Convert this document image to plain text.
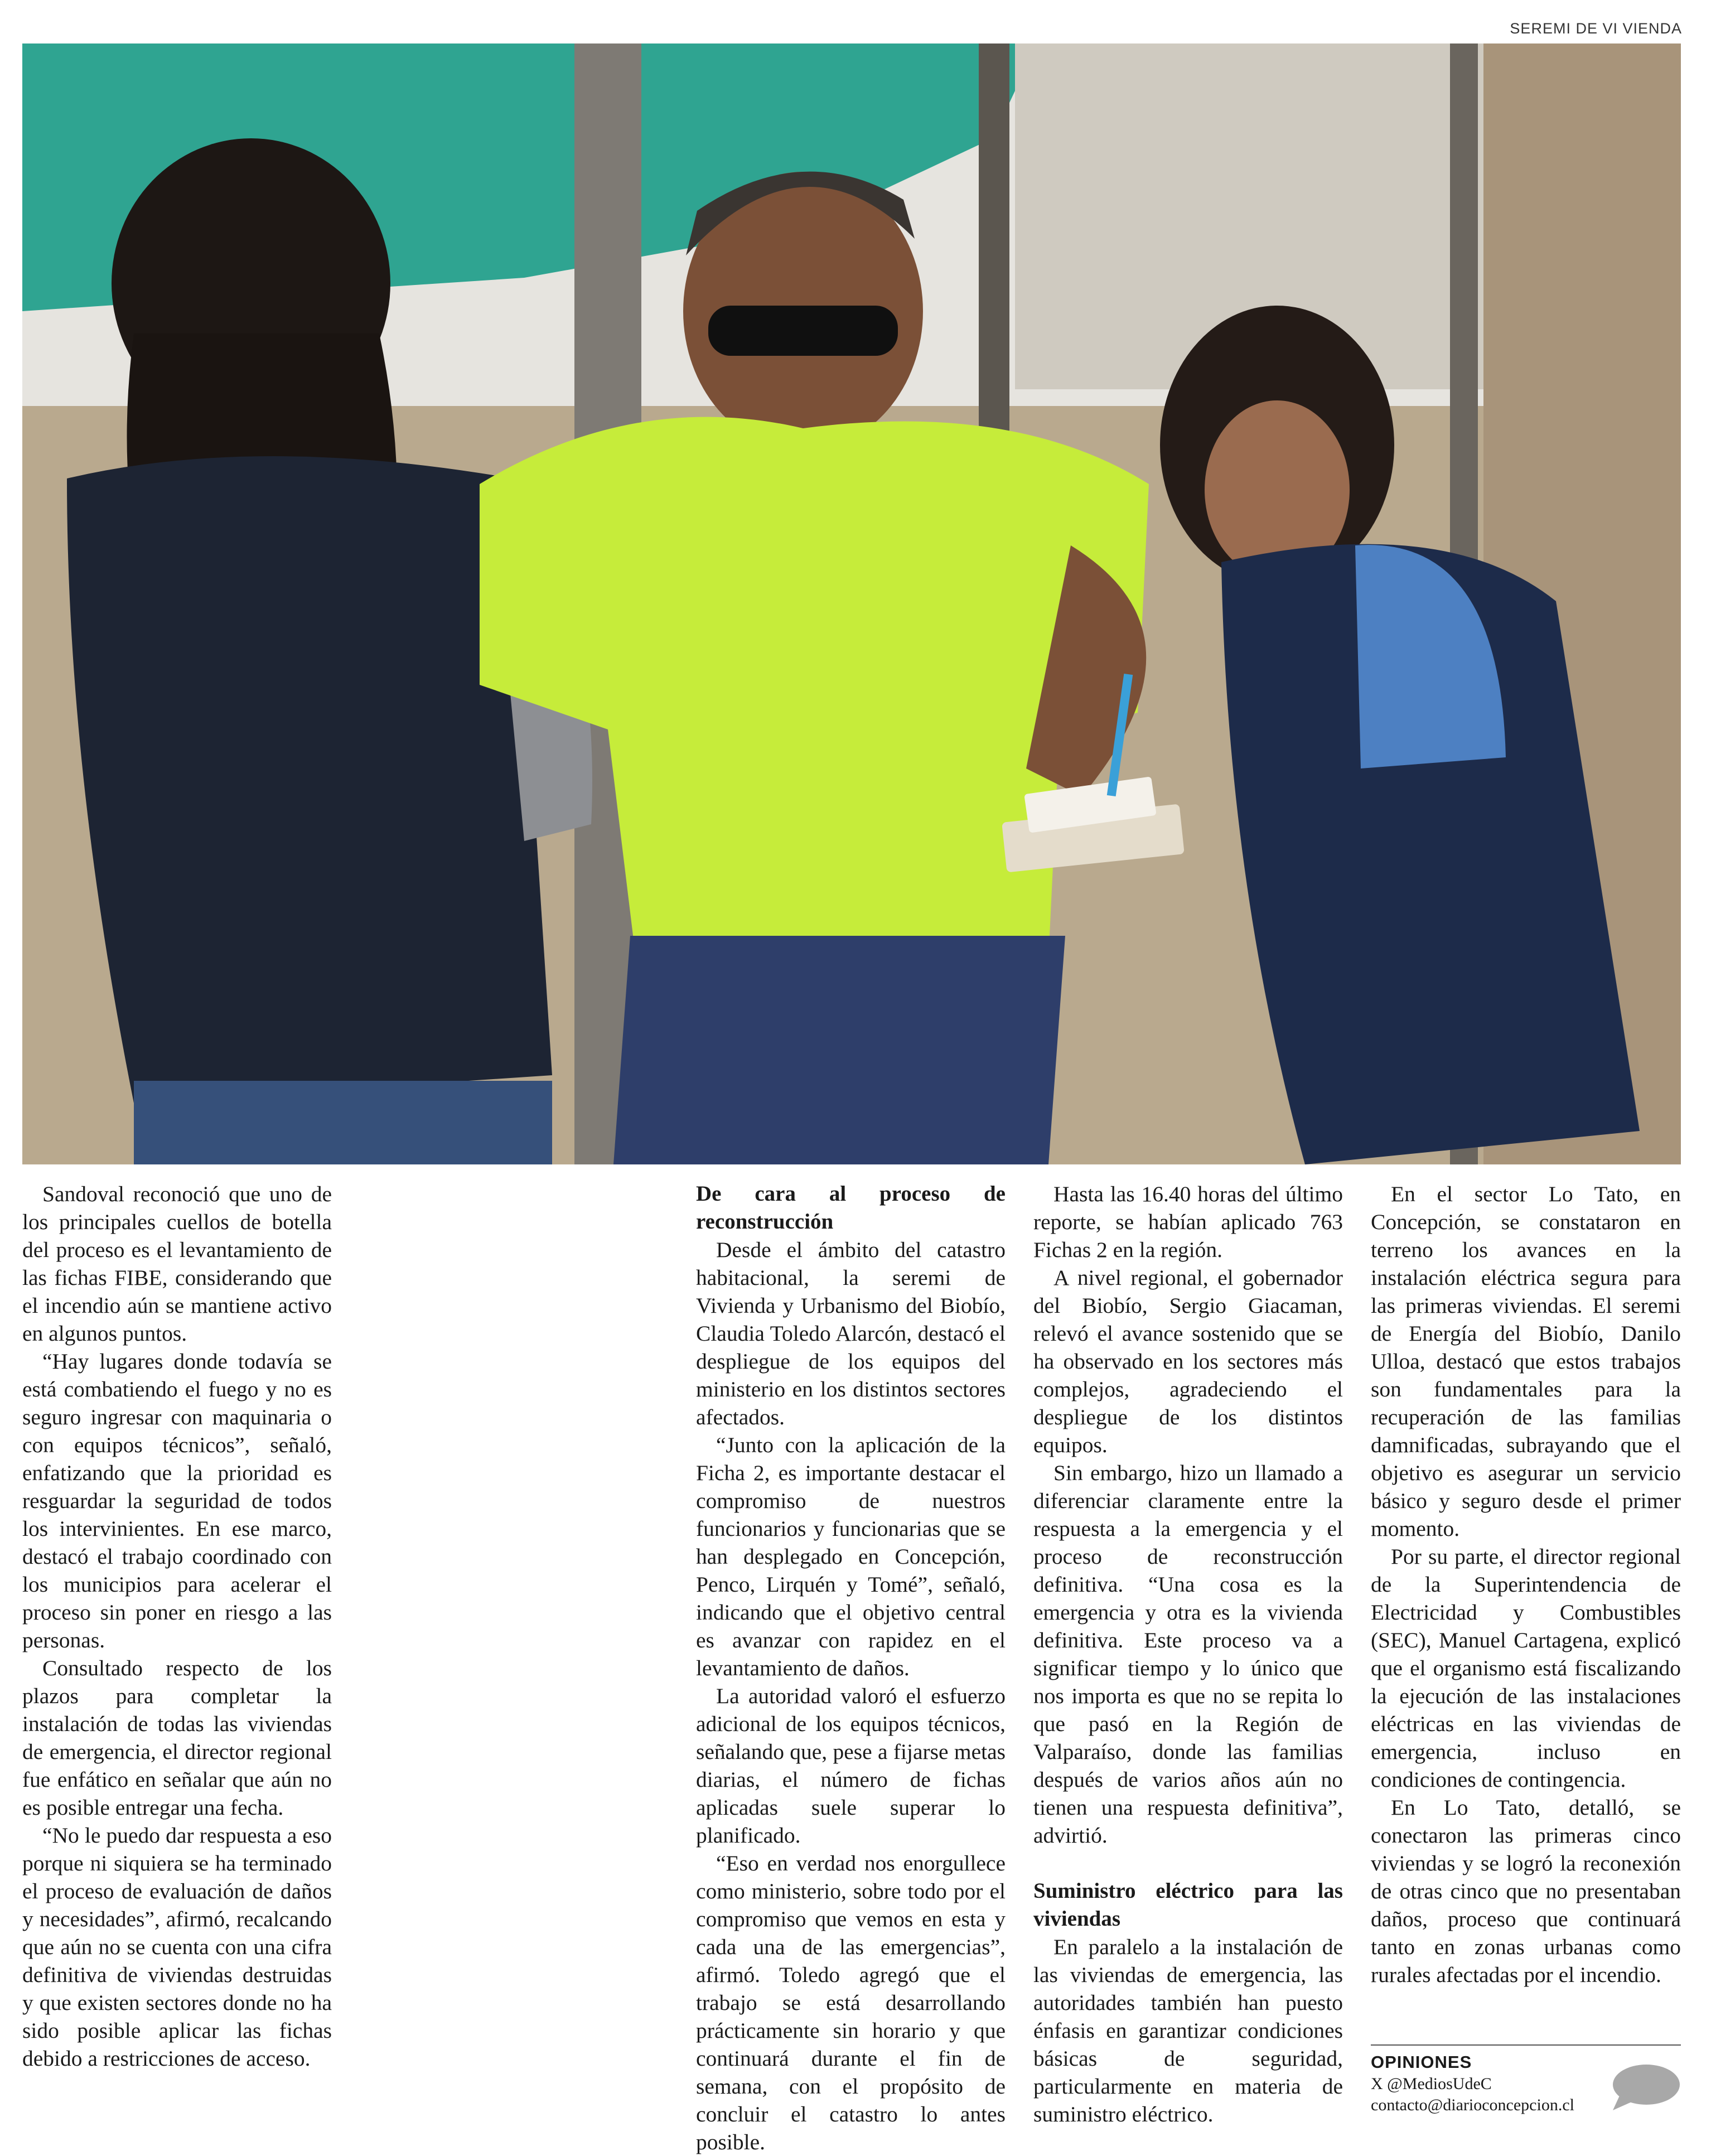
SEREMI DE VI VIENDA

Sandoval reconoció que uno de los principales cuellos de botella del proceso es el levantamiento de las fichas FIBE, considerando que el incendio aún se mantiene activo en algunos puntos.

“Hay lugares donde todavía se está combatiendo el fuego y no es seguro ingresar con maquinaria o con equipos técnicos”, señaló, enfatizando que la prioridad es resguardar la seguridad de todos los intervinientes. En ese marco, destacó el trabajo coordinado con los municipios para acelerar el proceso sin poner en riesgo a las personas.

Consultado respecto de los plazos para completar la instalación de todas las viviendas de emergencia, el director regional fue enfático en señalar que aún no es posible entregar una fecha.

“No le puedo dar respuesta a eso porque ni siquiera se ha terminado el proceso de evaluación de daños y necesidades”, afirmó, recalcando que aún no se cuenta con una cifra definitiva de viviendas destruidas y que existen sectores donde no ha sido posible aplicar las fichas debido a restricciones de acceso.

De cara al proceso de reconstrucción

Desde el ámbito del catastro habitacional, la seremi de Vivienda y Urbanismo del Biobío, Claudia Toledo Alarcón, destacó el despliegue de los equipos del ministerio en los distintos sectores afectados.

“Junto con la aplicación de la Ficha 2, es importante destacar el compromiso de nuestros funcionarios y funcionarias que se han desplegado en Concepción, Penco, Lirquén y Tomé”, señaló, indicando que el objetivo central es avanzar con rapidez en el levantamiento de daños.

La autoridad valoró el esfuerzo adicional de los equipos técnicos, señalando que, pese a fijarse metas diarias, el número de fichas aplicadas suele superar lo planificado.

“Eso en verdad nos enorgullece como ministerio, sobre todo por el compromiso que vemos en esta y cada una de las emergencias”, afirmó. Toledo agregó que el trabajo se está desarrollando prácticamente sin horario y que continuará durante el fin de semana, con el propósito de concluir el catastro lo antes posible.

Hasta las 16.40 horas del último reporte, se habían aplicado 763 Fichas 2 en la región.

A nivel regional, el gobernador del Biobío, Sergio Giacaman, relevó el avance sostenido que se ha observado en los sectores más complejos, agradeciendo el despliegue de los distintos equipos.

Sin embargo, hizo un llamado a diferenciar claramente entre la respuesta a la emergencia y el proceso de reconstrucción definitiva. “Una cosa es la emergencia y otra es la vivienda definitiva. Este proceso va a significar tiempo y lo único que nos importa es que no se repita lo que pasó en la Región de Valparaíso, donde las familias después de varios años aún no tienen una respuesta definitiva”, advirtió.

Suministro eléctrico para las viviendas

En paralelo a la instalación de las viviendas de emergencia, las autoridades también han puesto énfasis en garantizar condiciones básicas de seguridad, particularmente en materia de suministro eléctrico.

En el sector Lo Tato, en Concepción, se constataron en terreno los avances en la instalación eléctrica segura para las primeras viviendas. El seremi de Energía del Biobío, Danilo Ulloa, destacó que estos trabajos son fundamentales para la recuperación de las familias damnificadas, subrayando que el objetivo es asegurar un servicio básico y seguro desde el primer momento.

Por su parte, el director regional de la Superintendencia de Electricidad y Combustibles (SEC), Manuel Cartagena, explicó que el organismo está fiscalizando la ejecución de las instalaciones eléctricas en las viviendas de emergencia, incluso en condiciones de contingencia.

En Lo Tato, detalló, se conectaron las primeras cinco viviendas y se logró la reconexión de otras cinco que no presentaban daños, proceso que continuará tanto en zonas urbanas como rurales afectadas por el incendio.

OPINIONES
X @MediosUdeC
contacto@diarioconcepcion.cl
